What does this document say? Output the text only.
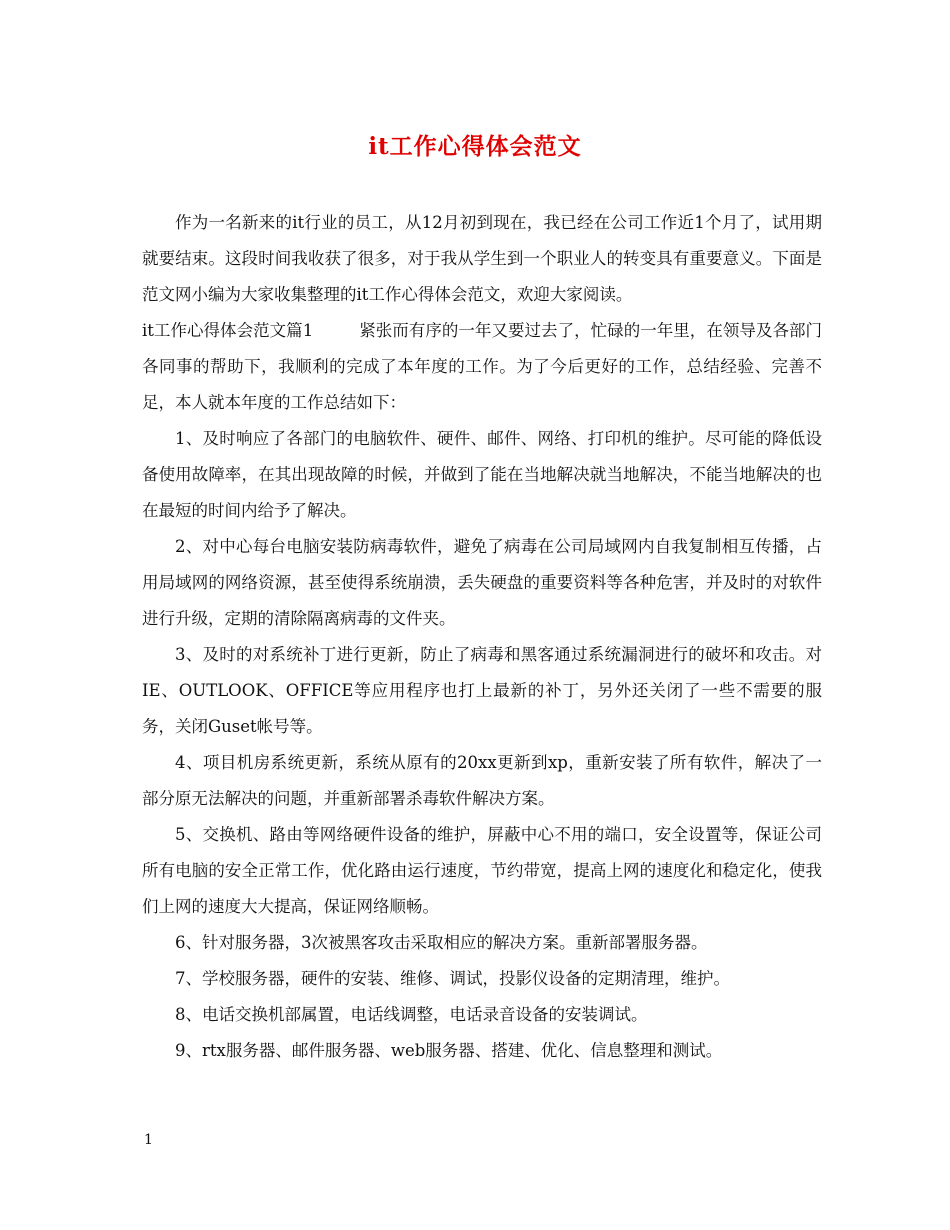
it工作心得体会范文

作为一名新来的it行业的员工，从12月初到现在，我已经在公司工作近1个月了，试用期就要结束。这段时间我收获了很多，对于我从学生到一个职业人的转变具有重要意义。下面是范文网小编为大家收集整理的it工作心得体会范文，欢迎大家阅读。

it工作心得体会范文篇1	紧张而有序的一年又要过去了，忙碌的一年里，在领导及各部门各同事的帮助下，我顺利的完成了本年度的工作。为了今后更好的工作，总结经验、完善不足，本人就本年度的工作总结如下：

1、及时响应了各部门的电脑软件、硬件、邮件、网络、打印机的维护。尽可能的降低设备使用故障率，在其出现故障的时候，并做到了能在当地解决就当地解决，不能当地解决的也在最短的时间内给予了解决。

2、对中心每台电脑安装防病毒软件，避免了病毒在公司局域网内自我复制相互传播，占用局域网的网络资源，甚至使得系统崩溃，丢失硬盘的重要资料等各种危害，并及时的对软件进行升级，定期的清除隔离病毒的文件夹。

3、及时的对系统补丁进行更新，防止了病毒和黑客通过系统漏洞进行的破坏和攻击。对IE、OUTLOOK、OFFICE等应用程序也打上最新的补丁，另外还关闭了一些不需要的服务，关闭Guset帐号等。

4、项目机房系统更新，系统从原有的20xx更新到xp，重新安装了所有软件，解决了一部分原无法解决的问题，并重新部署杀毒软件解决方案。

5、交换机、路由等网络硬件设备的维护，屏蔽中心不用的端口，安全设置等，保证公司所有电脑的安全正常工作，优化路由运行速度，节约带宽，提高上网的速度化和稳定化，使我们上网的速度大大提高，保证网络顺畅。

6、针对服务器，3次被黑客攻击采取相应的解决方案。重新部署服务器。

7、学校服务器，硬件的安装、维修、调试，投影仪设备的定期清理，维护。

8、电话交换机部属置，电话线调整，电话录音设备的安装调试。

9、rtx服务器、邮件服务器、web服务器、搭建、优化、信息整理和测试。

1
